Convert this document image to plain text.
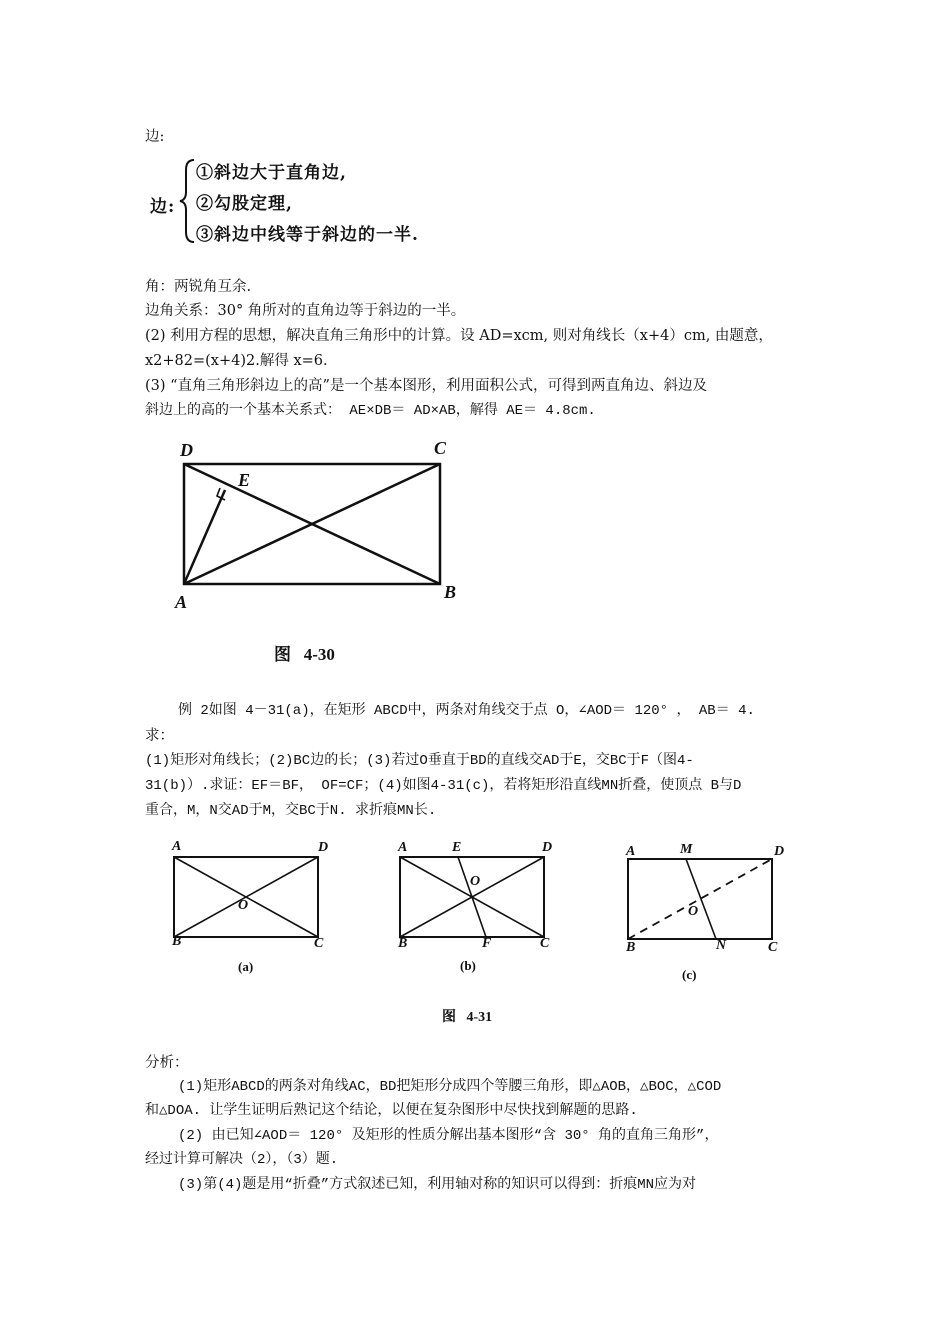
边:
边:
①斜边大于直角边,
②勾股定理,
③斜边中线等于斜边的一半.
角：两锐角互余.
边角关系：30° 角所对的直角边等于斜边的一半。
(2) 利用方程的思想，解决直角三角形中的计算。设 AD=xcm, 则对角线长（x+4）cm, 由题意，
x2+82=(x+4)2.解得 x=6.
(3) “直角三角形斜边上的高”是一个基本图形，利用面积公式，可得到两直角边、斜边及
斜边上的高的一个基本关系式： AE×DB＝ AD×AB，解得 AE＝ 4.8cm.
D	C
E
A	B
图   4-30
例 2如图 4－31(a)，在矩形 ABCD中，两条对角线交于点 O，∠AOD＝ 120° ， AB＝ 4.
求：
(1)矩形对角线长；(2)BC边的长；(3)若过O垂直于BD的直线交AD于E，交BC于F（图4-
31(b)）.求证：EF＝BF， OF=CF；(4)如图4-31(c)，若将矩形沿直线MN折叠，使顶点 B与D
重合，M，N交AD于M，交BC于N. 求折痕MN长.
A	D
B	C
O
(a)
A	E	D
O
B	F	C
(b)
A	M	D
O
B	N	C
(c)
图   4-31
分析：
(1)矩形ABCD的两条对角线AC，BD把矩形分成四个等腰三角形，即△AOB，△BOC，△COD
和△DOA. 让学生证明后熟记这个结论，以便在复杂图形中尽快找到解题的思路.
(2) 由已知∠AOD＝ 120° 及矩形的性质分解出基本图形“含 30° 角的直角三角形”，
经过计算可解决（2），（3）题.
(3)第(4)题是用“折叠”方式叙述已知，利用轴对称的知识可以得到：折痕MN应为对
